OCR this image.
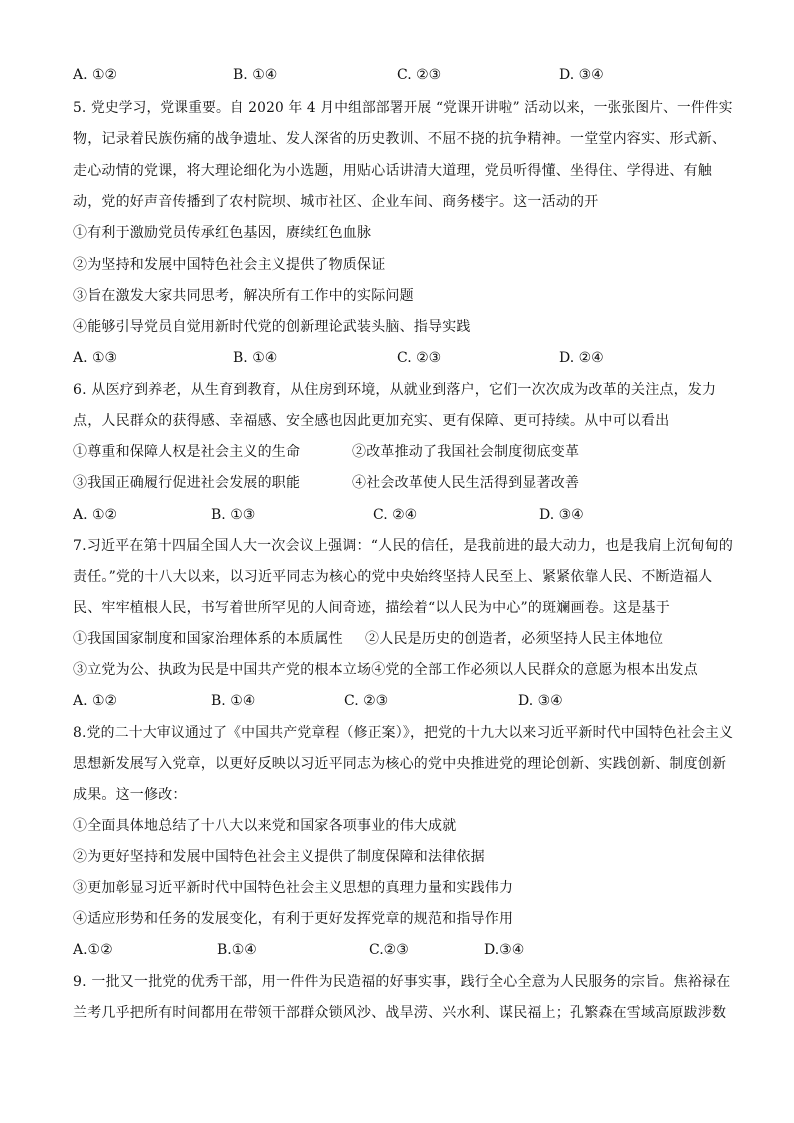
A. ①②	B. ①④	C. ②③	D. ③④
5. 党史学习，党课重要。自 2020 年 4 月中组部部署开展 “党课开讲啦” 活动以来，一张张图片、一件件实
物，记录着民族伤痛的战争遗址、发人深省的历史教训、不屈不挠的抗争精神。一堂堂内容实、形式新、
走心动情的党课，将大理论细化为小选题，用贴心话讲清大道理，党员听得懂、坐得住、学得进、有触
动，党的好声音传播到了农村院坝、城市社区、企业车间、商务楼宇。这一活动的开
①有利于激励党员传承红色基因，赓续红色血脉
②为坚持和发展中国特色社会主义提供了物质保证
③旨在激发大家共同思考，解决所有工作中的实际问题
④能够引导党员自觉用新时代党的创新理论武装头脑、指导实践
A. ①③	B. ①④	C. ②③	D. ②④
6. 从医疗到养老，从生育到教育，从住房到环境，从就业到落户，它们一次次成为改革的关注点，发力
点，人民群众的获得感、幸福感、安全感也因此更加充实、更有保障、更可持续。从中可以看出
①尊重和保障人权是社会主义的生命	②改革推动了我国社会制度彻底变革
③我国正确履行促进社会发展的职能	④社会改革使人民生活得到显著改善
A. ①②	B. ①③	C. ②④	D. ③④
7.习近平在第十四届全国人大一次会议上强调：“人民的信任，是我前进的最大动力，也是我肩上沉甸甸的
责任。”党的十八大以来，以习近平同志为核心的党中央始终坚持人民至上、紧紧依靠人民、不断造福人
民、牢牢植根人民，书写着世所罕见的人间奇迹，描绘着“以人民为中心”的斑斓画卷。这是基于
①我国国家制度和国家治理体系的本质属性 ②人民是历史的创造者，必须坚持人民主体地位
③立党为公、执政为民是中国共产党的根本立场④党的全部工作必须以人民群众的意愿为根本出发点
A. ①②	B. ①④	C. ②③	D. ③④
8.党的二十大审议通过了《中国共产党章程（修正案）》，把党的十九大以来习近平新时代中国特色社会主义
思想新发展写入党章，以更好反映以习近平同志为核心的党中央推进党的理论创新、实践创新、制度创新
成果。这一修改：
①全面具体地总结了十八大以来党和国家各项事业的伟大成就
②为更好坚持和发展中国特色社会主义提供了制度保障和法律依据
③更加彰显习近平新时代中国特色社会主义思想的真理力量和实践伟力
④适应形势和任务的发展变化，有利于更好发挥党章的规范和指导作用
A.①②	B.①④	C.②③	D.③④
9. 一批又一批党的优秀干部，用一件件为民造福的好事实事，践行全心全意为人民服务的宗旨。焦裕禄在
兰考几乎把所有时间都用在带领干部群众锁风沙、战旱涝、兴水利、谋民福上；孔繁森在雪域高原跋涉数
